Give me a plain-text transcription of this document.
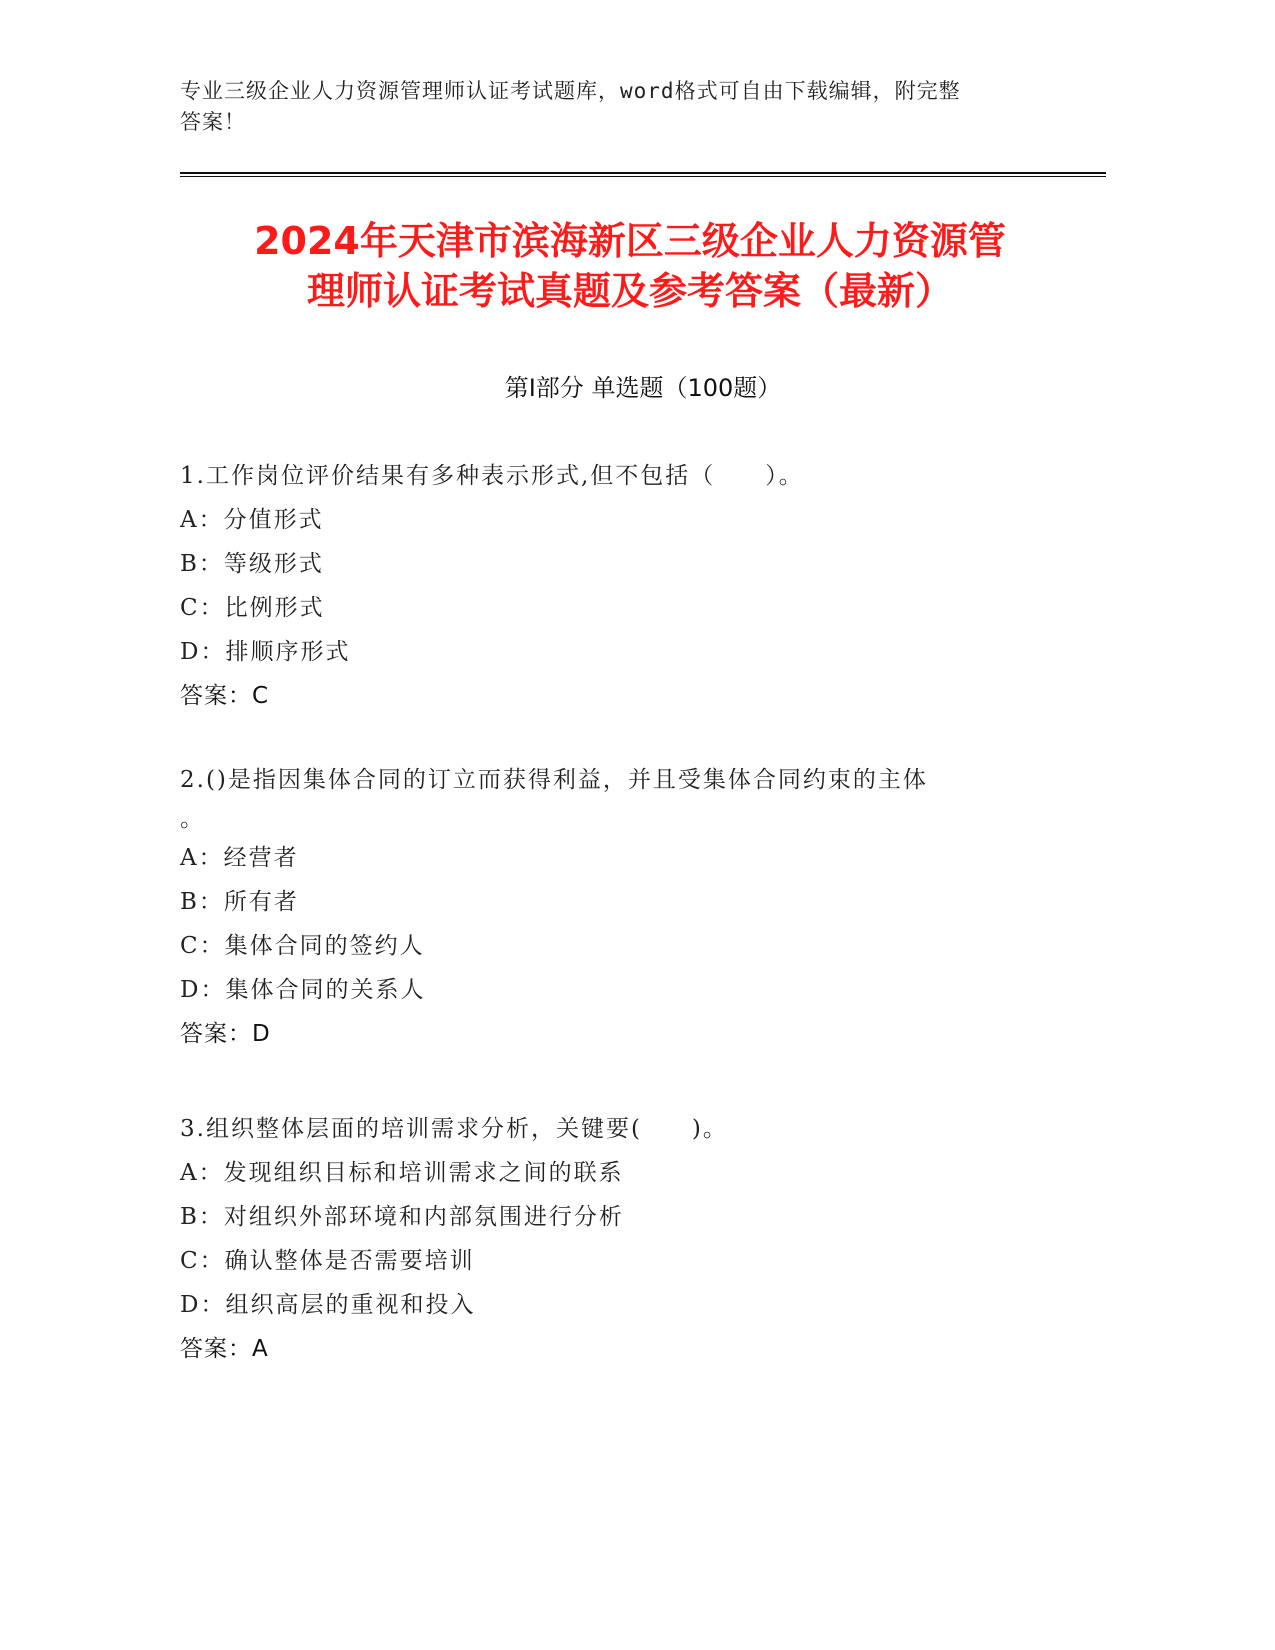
专业三级企业人力资源管理师认证考试题库，word格式可自由下载编辑，附完整
答案！
2024年天津市滨海新区三级企业人力资源管
理师认证考试真题及参考答案（最新）
第Ⅰ部分 单选题（100题）
1.工作岗位评价结果有多种表示形式,但不包括（　　）。
A：分值形式
B：等级形式
C：比例形式
D：排顺序形式
答案：C
2.()是指因集体合同的订立而获得利益，并且受集体合同约束的主体
。
A：经营者
B：所有者
C：集体合同的签约人
D：集体合同的关系人
答案：D
3.组织整体层面的培训需求分析，关键要(　　)。
A：发现组织目标和培训需求之间的联系
B：对组织外部环境和内部氛围进行分析
C：确认整体是否需要培训
D：组织高层的重视和投入
答案：A
